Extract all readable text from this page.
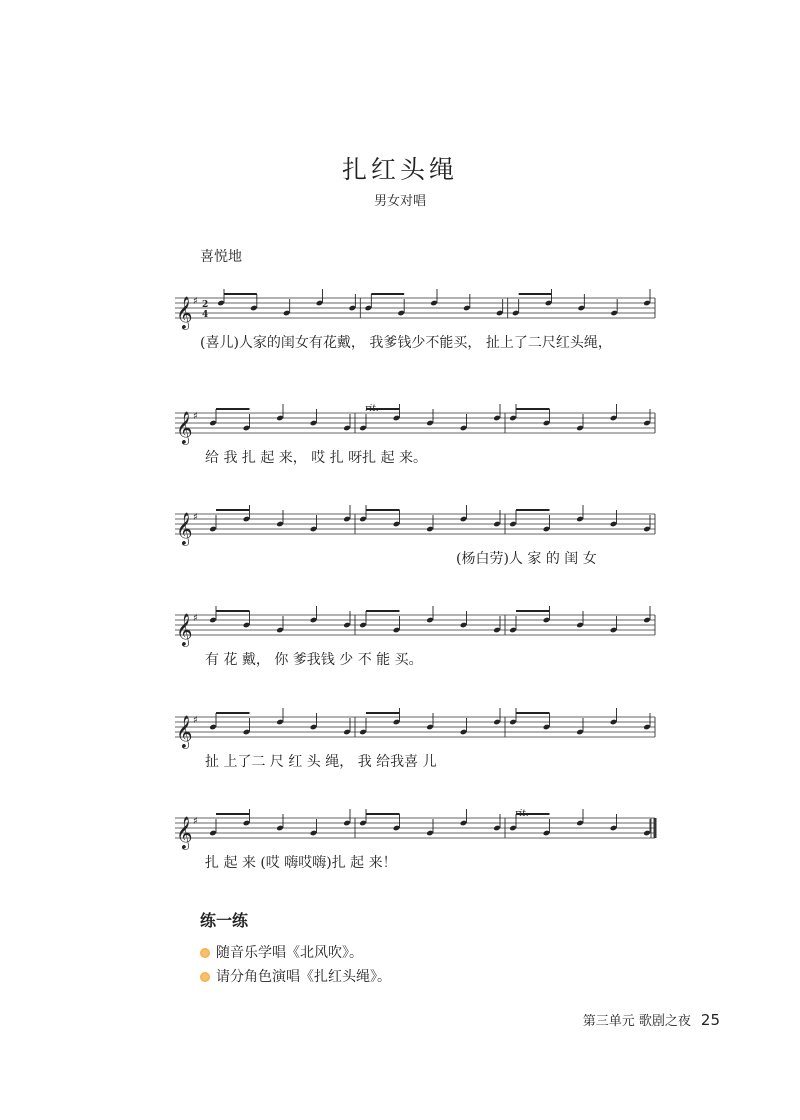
扎红头绳
男女对唱
喜悦地
𝄞 ♯ 2
4
(喜儿)人家的闺女有花戴， 我爹钱少不能买， 扯上了二尺红头绳，
𝄞 ♯
rit.
给 我 扎 起 来， 哎 扎 呀扎 起 来。
𝄞 ♯
(杨白劳)人 家 的 闺 女
𝄞 ♯
有 花 戴， 你 爹我钱 少 不 能 买。
𝄞 ♯
扯 上了二 尺 红 头 绳， 我 给我喜 儿
𝄞 ♯
rit.
扎 起 来 (哎 嗨哎嗨)扎 起 来！
练一练
随音乐学唱《北风吹》。
请分角色演唱《扎红头绳》。
第三单元 歌剧之夜 25
